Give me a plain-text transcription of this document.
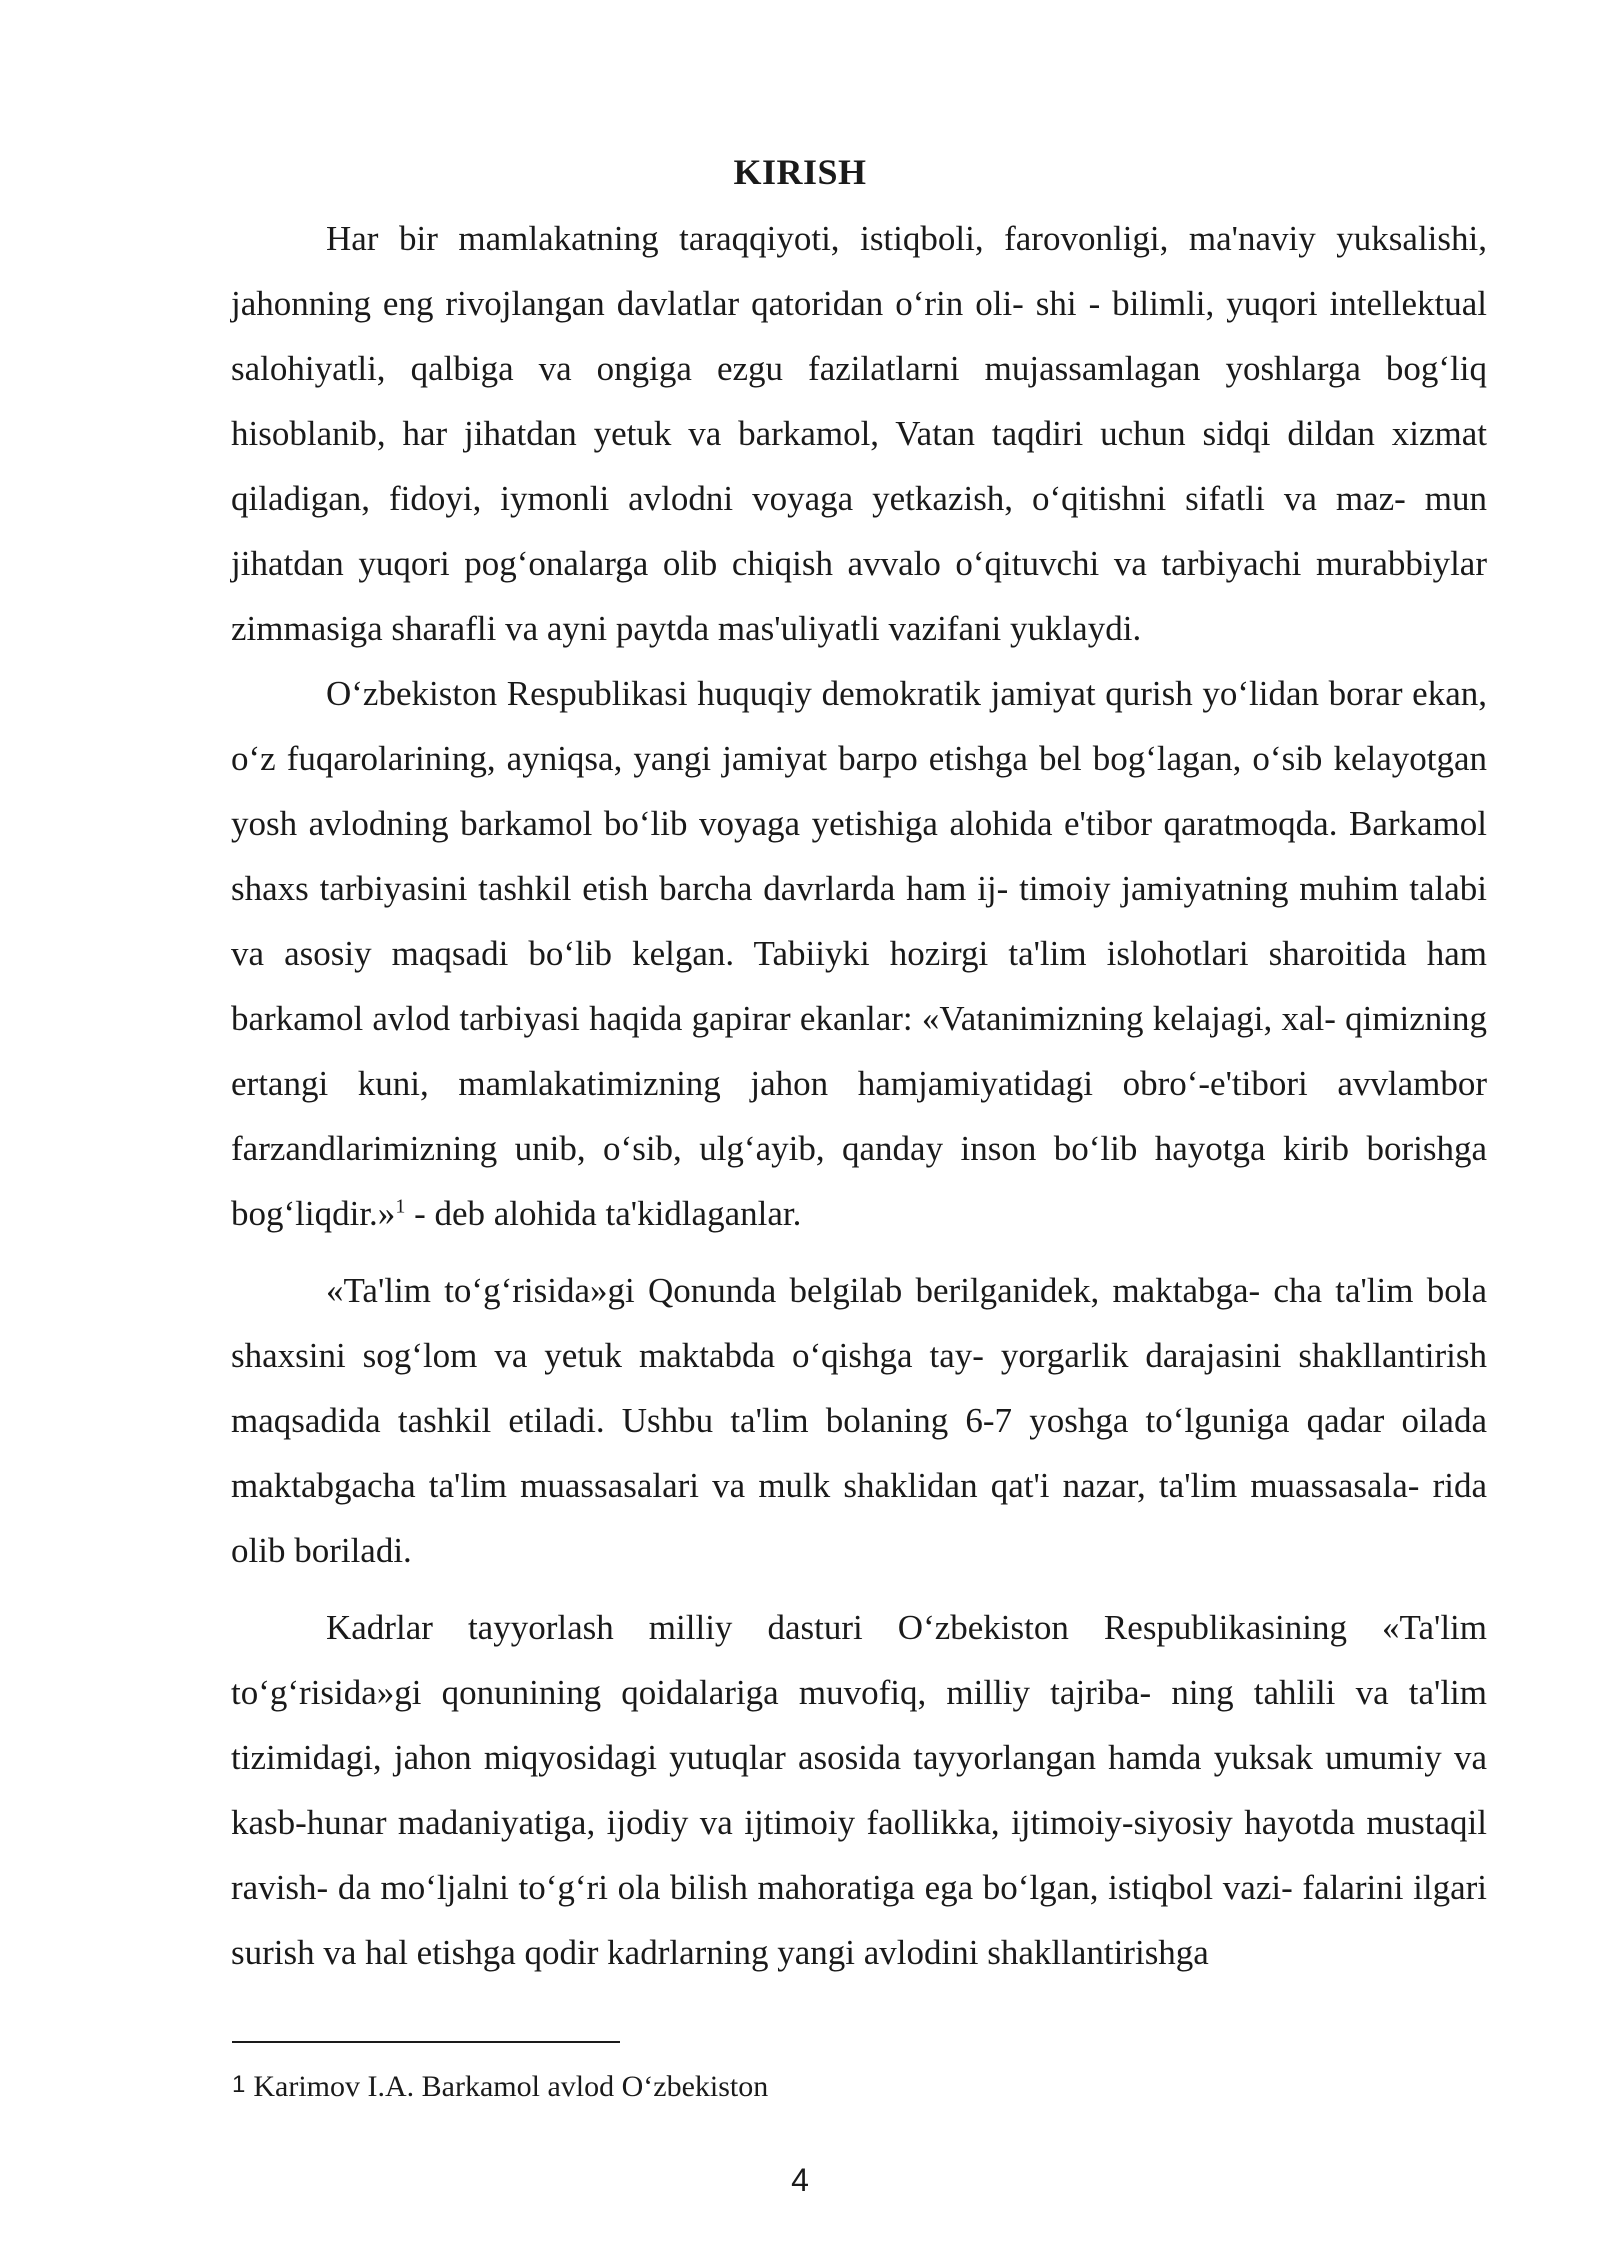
KIRISH

Har bir mamlakatning taraqqiyoti, istiqboli, farovonligi, ma'naviy yuksalishi, jahonning eng rivojlangan davlatlar qatoridan o‘rin oli- shi - bilimli, yuqori intellektual salohiyatli, qalbiga va ongiga ezgu fazilatlarni mujassamlagan yoshlarga bog‘liq hisoblanib, har jihatdan yetuk va barkamol, Vatan taqdiri uchun sidqi dildan xizmat qiladigan, fidoyi, iymonli avlodni voyaga yetkazish, o‘qitishni sifatli va maz- mun jihatdan yuqori pog‘onalarga olib chiqish avvalo o‘qituvchi va tarbiyachi murabbiylar zimmasiga sharafli va ayni paytda mas'uliyatli vazifani yuklaydi.

O‘zbekiston Respublikasi huquqiy demokratik jamiyat qurish yo‘lidan borar ekan, o‘z fuqarolarining, ayniqsa, yangi jamiyat barpo etishga bel bog‘lagan, o‘sib kelayotgan yosh avlodning barkamol bo‘lib voyaga yetishiga alohida e'tibor qaratmoqda. Barkamol shaxs tarbiyasini tashkil etish barcha davrlarda ham ij- timoiy jamiyatning muhim talabi va asosiy maqsadi bo‘lib kelgan. Tabiiyki hozirgi ta'lim islohotlari sharoitida ham barkamol avlod tarbiyasi haqida gapirar ekanlar: «Vatanimizning kelajagi, xal- qimizning ertangi kuni, mamlakatimizning jahon hamjamiyatidagi obro‘-e'tibori avvlambor farzandlarimizning unib, o‘sib, ulg‘ayib, qanday inson bo‘lib hayotga kirib borishga bog‘liqdir.»$^1$ - deb alohida ta'kidlaganlar.

«Ta'lim to‘g‘risida»gi Qonunda belgilab berilganidek, maktabga- cha ta'lim bola shaxsini sog‘lom va yetuk maktabda o‘qishga tay- yorgarlik darajasini shakllantirish maqsadida tashkil etiladi. Ushbu ta'lim bolaning 6-7 yoshga to‘lguniga qadar oilada maktabgacha ta'lim muassasalari va mulk shaklidan qat'i nazar, ta'lim muassasala- rida olib boriladi.

Kadrlar tayyorlash milliy dasturi O‘zbekiston Respublikasining «Ta'lim to‘g‘risida»gi qonunining qoidalariga muvofiq, milliy tajriba- ning tahlili va ta'lim tizimidagi, jahon miqyosidagi yutuqlar asosida tayyorlangan hamda yuksak umumiy va kasb-hunar madaniyatiga, ijodiy va ijtimoiy faollikka, ijtimoiy-siyosiy hayotda mustaqil ravish- da mo‘ljalni to‘g‘ri ola bilish mahoratiga ega bo‘lgan, istiqbol vazi- falarini ilgari surish va hal etishga qodir kadrlarning yangi avlodini shakllantirishga

1 Karimov I.A. Barkamol avlod O‘zbekiston
4
